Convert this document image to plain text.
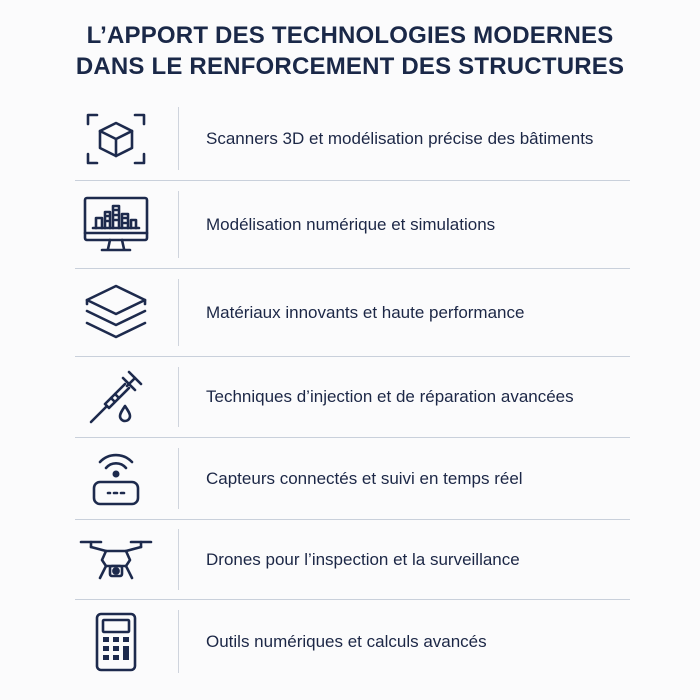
L’APPORT DES TECHNOLOGIES MODERNES
DANS LE RENFORCEMENT DES STRUCTURES
Scanners 3D et modélisation précise des bâtiments
Modélisation numérique et simulations
Matériaux innovants et haute performance
Techniques d’injection et de réparation avancées
Capteurs connectés et suivi en temps réel
Drones pour l’inspection et la surveillance
Outils numériques et calculs avancés
